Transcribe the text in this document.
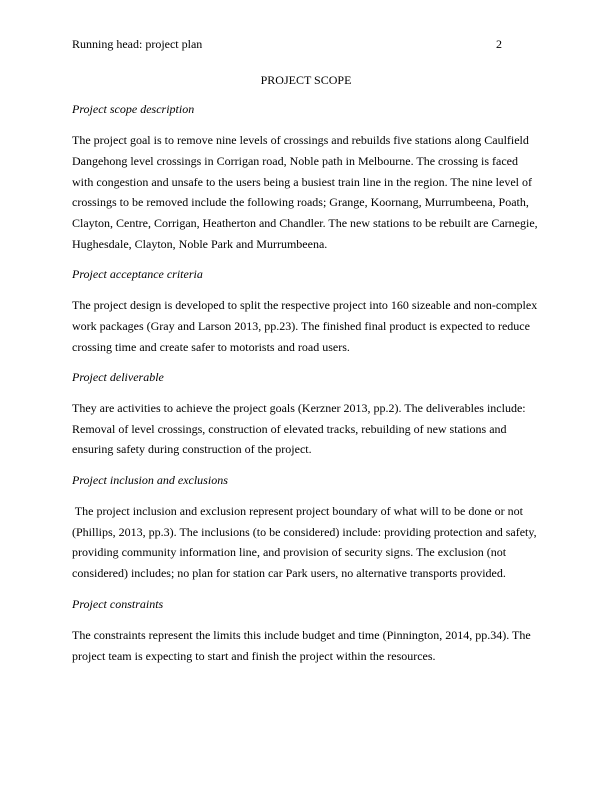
Running head: project plan	2
PROJECT SCOPE
Project scope description
The project goal is to remove nine levels of crossings and rebuilds five stations along Caulfield
Dangehong level crossings in Corrigan road, Noble path in Melbourne. The crossing is faced
with congestion and unsafe to the users being a busiest train line in the region. The nine level of
crossings to be removed include the following roads; Grange, Koornang, Murrumbeena, Poath,
Clayton, Centre, Corrigan, Heatherton and Chandler. The new stations to be rebuilt are Carnegie,
Hughesdale, Clayton, Noble Park and Murrumbeena.
Project acceptance criteria
The project design is developed to split the respective project into 160 sizeable and non-complex
work packages (Gray and Larson 2013, pp.23). The finished final product is expected to reduce
crossing time and create safer to motorists and road users.
Project deliverable
They are activities to achieve the project goals (Kerzner 2013, pp.2). The deliverables include:
Removal of level crossings, construction of elevated tracks, rebuilding of new stations and
ensuring safety during construction of the project.
Project inclusion and exclusions
The project inclusion and exclusion represent project boundary of what will to be done or not
(Phillips, 2013, pp.3). The inclusions (to be considered) include: providing protection and safety,
providing community information line, and provision of security signs. The exclusion (not
considered) includes; no plan for station car Park users, no alternative transports provided.
Project constraints
The constraints represent the limits this include budget and time (Pinnington, 2014, pp.34). The
project team is expecting to start and finish the project within the resources.
